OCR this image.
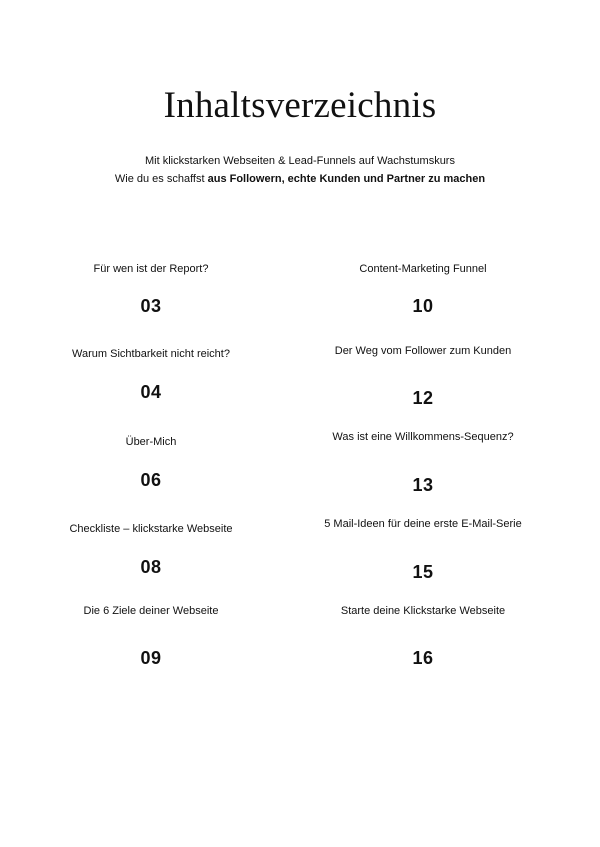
Inhaltsverzeichnis

Mit klickstarken Webseiten & Lead-Funnels auf Wachstumskurs

Wie du es schaffst aus Followern, echte Kunden und Partner zu machen

Für wen ist der Report?
03
Warum Sichtbarkeit nicht reicht?
04
Über-Mich
06
Checkliste – klickstarke Webseite
08
Die 6 Ziele deiner Webseite
09
Content-Marketing Funnel
10
Der Weg vom Follower zum Kunden
12
Was ist eine Willkommens-Sequenz?
13
5 Mail-Ideen für deine erste E-Mail-Serie
15
Starte deine Klickstarke Webseite
16
